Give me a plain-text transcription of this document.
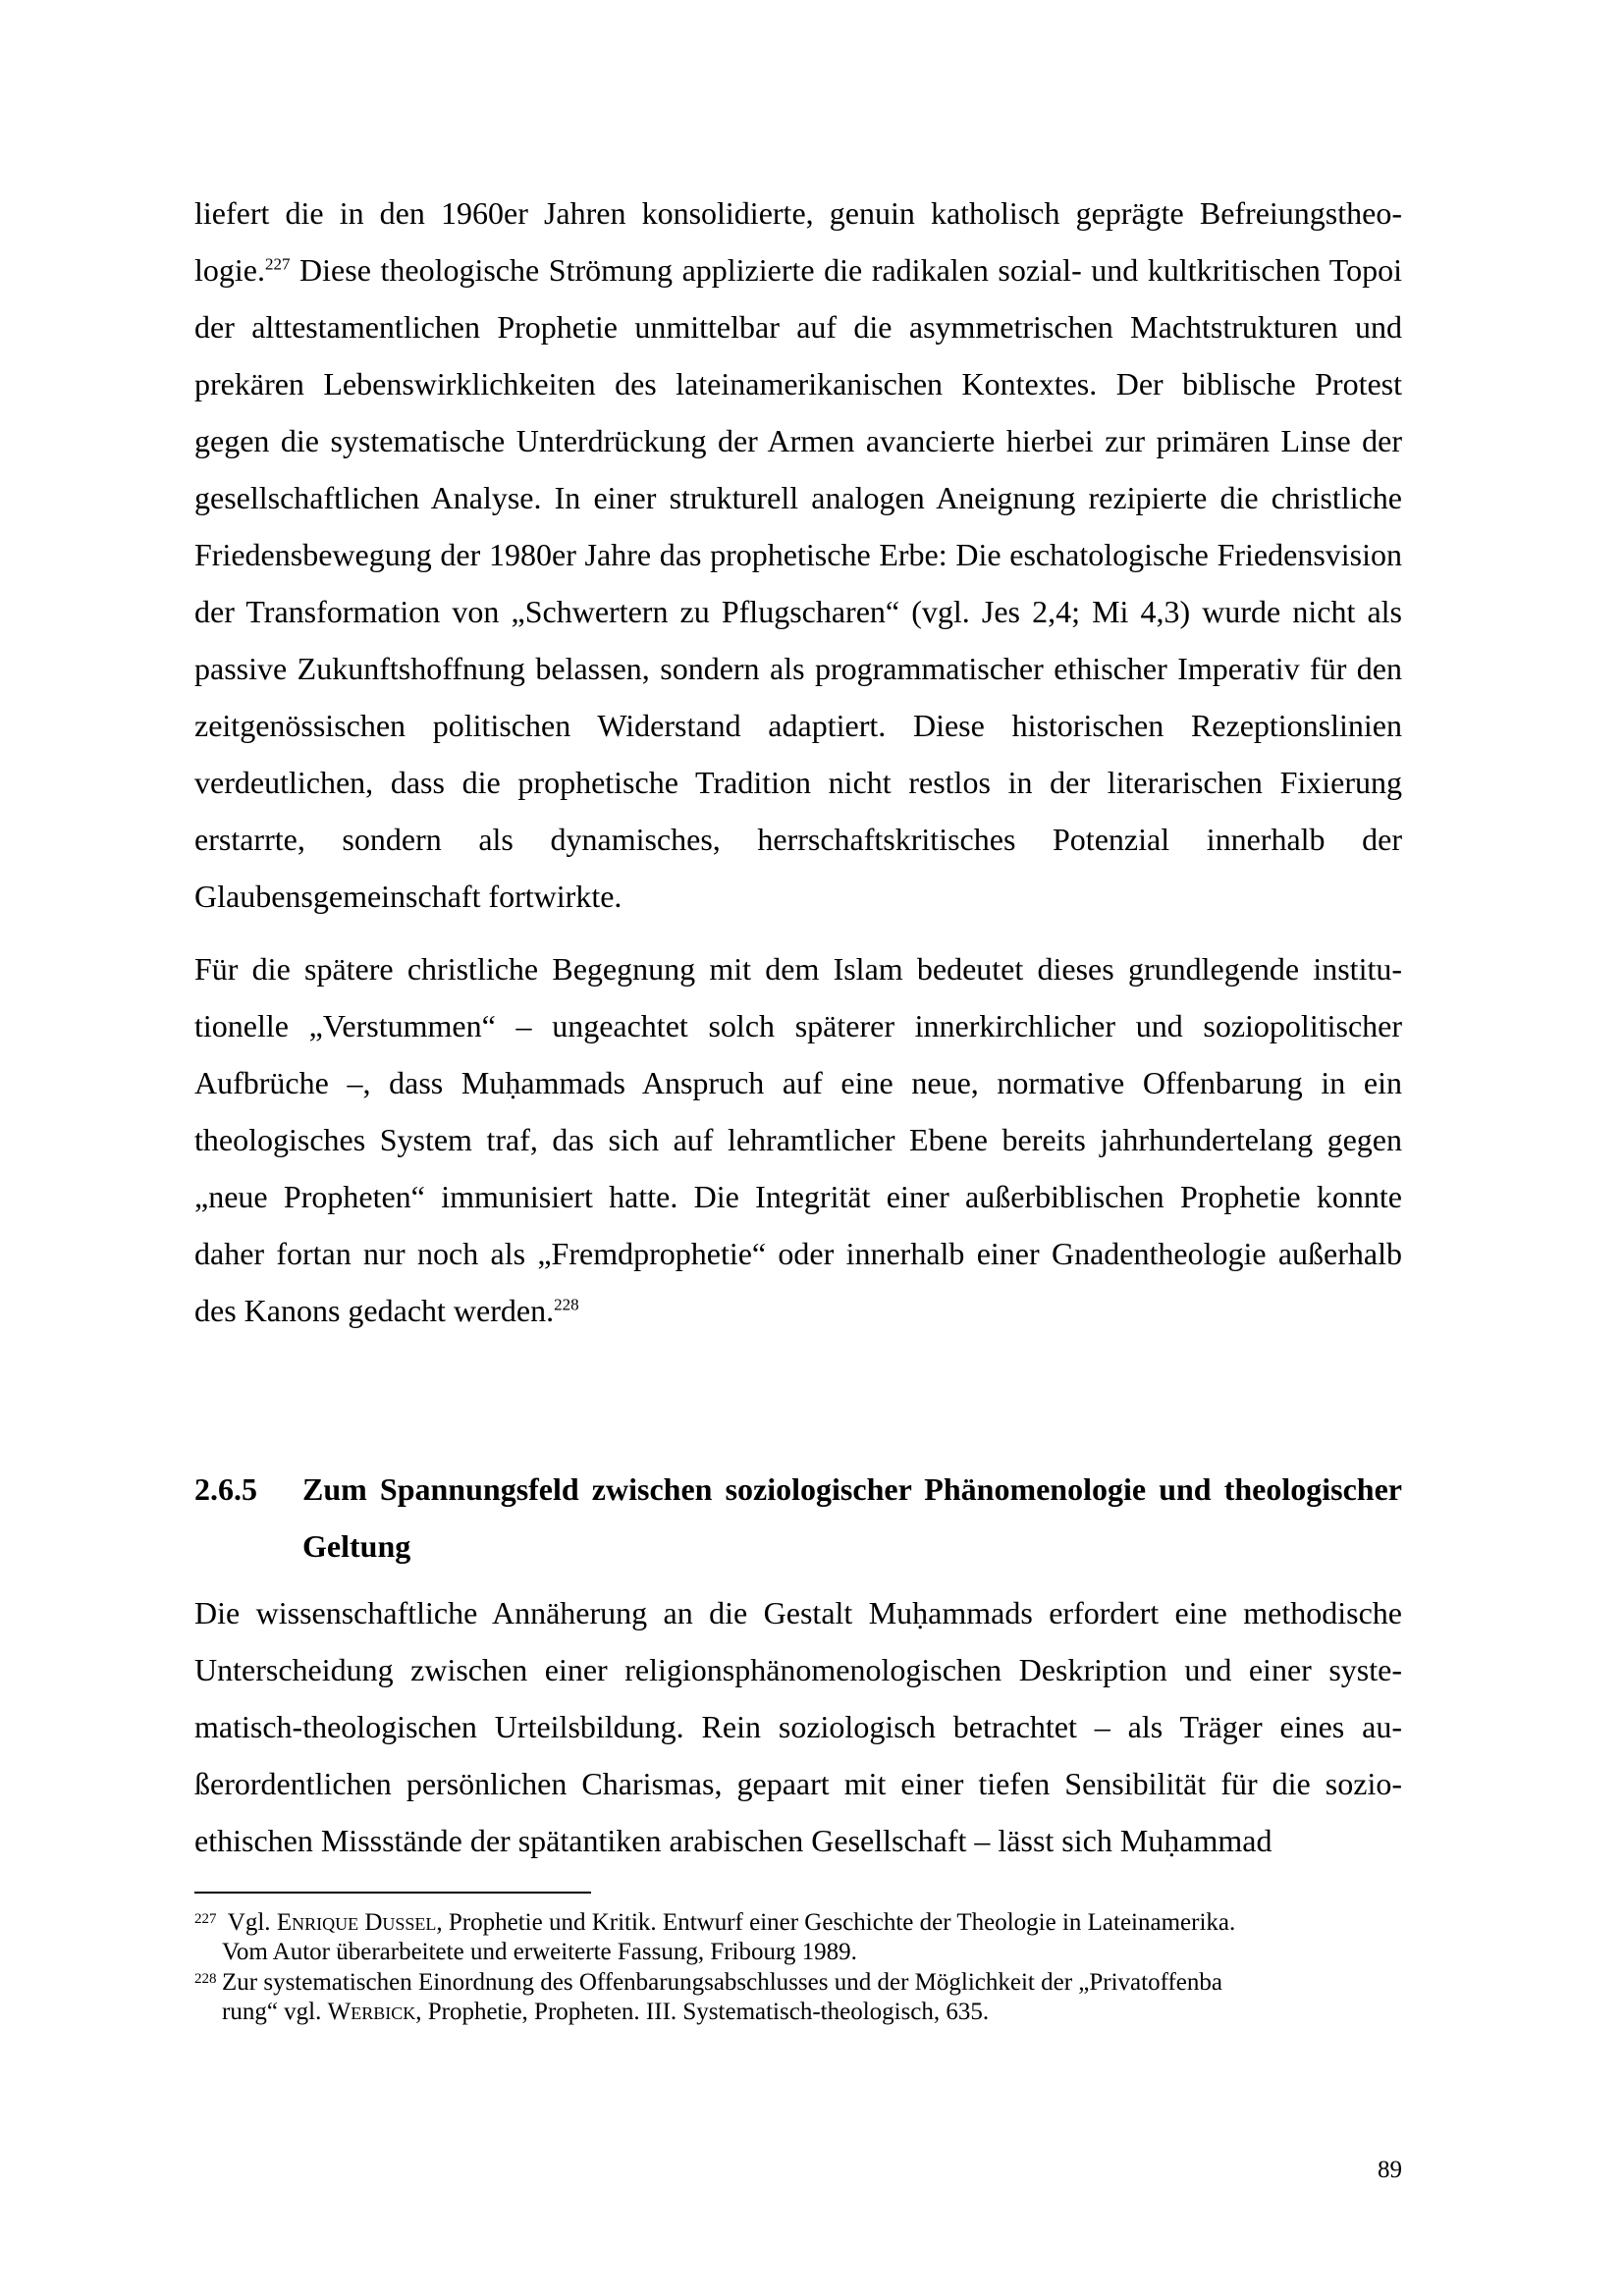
liefert die in den 1960er Jahren konsolidierte, genuin katholisch geprägte Befreiungstheologie.$^{227}$ Diese theologische Strömung applizierte die radikalen sozial- und kultkritischen Topoi der alttestamentlichen Prophetie unmittelbar auf die asymmetrischen Machtstrukturen und prekären Lebenswirklichkeiten des lateinamerikanischen Kontextes. Der biblische Protest gegen die systematische Unterdrückung der Armen avancierte hierbei zur primären Linse der gesellschaftlichen Analyse. In einer strukturell analogen Aneignung rezipierte die christliche Friedensbewegung der 1980er Jahre das prophetische Erbe: Die eschatologische Friedensvision der Transformation von „Schwertern zu Pflugscharen“ (vgl. Jes 2,4; Mi 4,3) wurde nicht als passive Zukunftshoffnung belassen, sondern als programmatischer ethischer Imperativ für den zeitgenössischen politischen Widerstand adaptiert. Diese historischen Rezeptionslinien verdeutlichen, dass die prophetische Tradition nicht restlos in der literarischen Fixierung erstarrte, sondern als dynamisches, herrschaftskritisches Potenzial innerhalb der Glaubensgemeinschaft fortwirkte.

Für die spätere christliche Begegnung mit dem Islam bedeutet dieses grundlegende institutionelle „Verstummen“ – ungeachtet solch späterer innerkirchlicher und soziopolitischer Aufbrüche –, dass Muḥammads Anspruch auf eine neue, normative Offenbarung in ein theologisches System traf, das sich auf lehramtlicher Ebene bereits jahrhundertelang gegen „neue Propheten“ immunisiert hatte. Die Integrität einer außerbiblischen Prophetie konnte daher fortan nur noch als „Fremdprophetie“ oder innerhalb einer Gnadentheologie außerhalb des Kanons gedacht werden.$^{228}$

2.6.5	Zum Spannungsfeld zwischen soziologischer Phänomenologie und theologischer Geltung

Die wissenschaftliche Annäherung an die Gestalt Muḥammads erfordert eine methodische Unterscheidung zwischen einer religionsphänomenologischen Deskription und einer systematisch-theologischen Urteilsbildung. Rein soziologisch betrachtet – als Träger eines außerordentlichen persönlichen Charismas, gepaart mit einer tiefen Sensibilität für die sozioethischen Missstände der spätantiken arabischen Gesellschaft – lässt sich Muḥammad

227 Vgl. Enrique Dussel, Prophetie und Kritik. Entwurf einer Geschichte der Theologie in Lateinamerika.
Vom Autor überarbeitete und erweiterte Fassung, Fribourg 1989.
228 Zur systematischen Einordnung des Offenbarungsabschlusses und der Möglichkeit der „Privatoffenba
rung“ vgl. Werbick, Prophetie, Propheten. III. Systematisch-theologisch, 635.
89
